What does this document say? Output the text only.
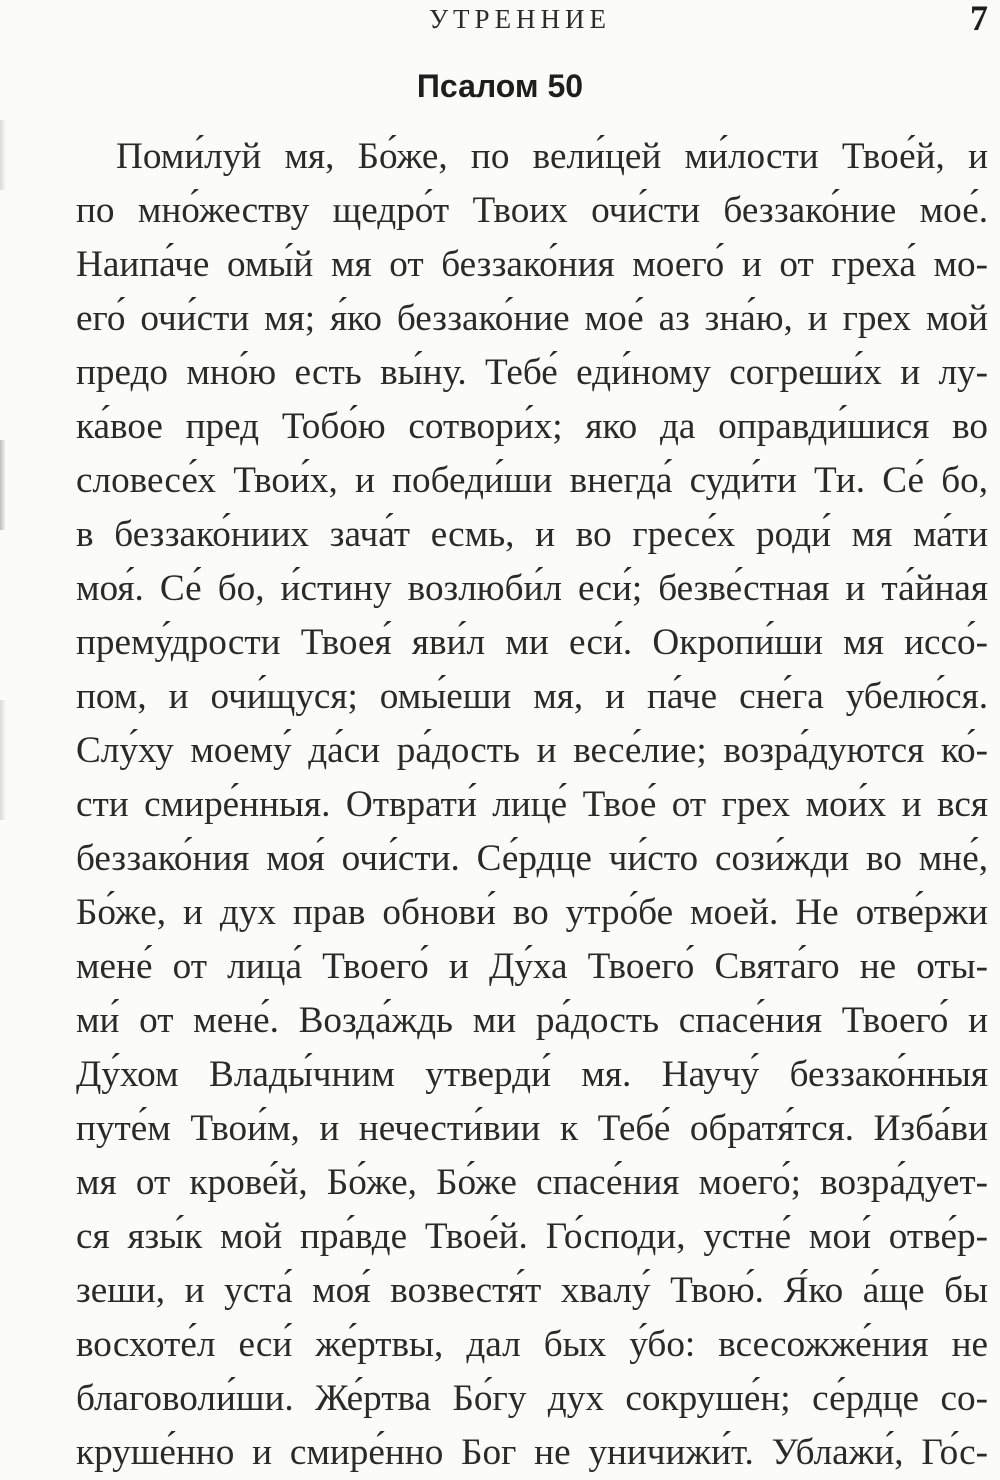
УТРЕННИЕ	7
Псалом 50
Поми́луй мя, Бо́же, по вели́цей ми́лости Твое́й, и
по мно́жеству щедро́т Твоих очи́сти беззако́ние мое́.
Наипа́че омы́й мя от беззако́ния моего́ и от греха́ мо-
его́ очи́сти мя; я́ко беззако́ние мое́ аз зна́ю, и грех мой
предо мно́ю есть вы́ну. Тебе́ еди́ному согреши́х и лу-
ка́вое пред Тобо́ю сотвори́х; яко да оправди́шися во
словесе́х Твои́х, и победи́ши внегда́ суди́ти Ти. Се́ бо,
в беззако́ниих зача́т есмь, и во гресе́х роди́ мя ма́ти
моя́. Се́ бо, и́стину возлюби́л еси́; безве́стная и та́йная
прему́дрости Твоея́ яви́л ми еси́. Окропи́ши мя иссо́-
пом, и очи́щуся; омы́еши мя, и па́че сне́га убелю́ся.
Слу́ху моему́ да́си ра́дость и весе́лие; возра́дуются ко́-
сти смире́нныя. Отврати́ лице́ Твое́ от грех мои́х и вся
беззако́ния моя́ очи́сти. Се́рдце чи́сто сози́жди во мне́,
Бо́же, и дух прав обнови́ во утро́бе моей. Не отве́ржи
мене́ от лица́ Твоего́ и Ду́ха Твоего́ Свята́го не оты-
ми́ от мене́. Возда́ждь ми ра́дость спасе́ния Твоего́ и
Ду́хом Влады́чним утверди́ мя. Научу́ беззако́нныя
путе́м Твои́м, и нечести́вии к Тебе́ обратя́тся. Изба́ви
мя от крове́й, Бо́же, Бо́же спасе́ния моего́; возра́дует-
ся язы́к мой пра́вде Твое́й. Го́споди, устне́ мои́ отве́р-
зеши, и уста́ моя́ возвестя́т хвалу́ Твою́. Я́ко а́ще бы
восхоте́л еси́ же́ртвы, дал бых у́бо: всесожже́ния не
благоволи́ши. Же́ртва Бо́гу дух сокруше́н; се́рдце со-
круше́нно и смире́нно Бог не уничижи́т. Ублажи́, Го́с-
